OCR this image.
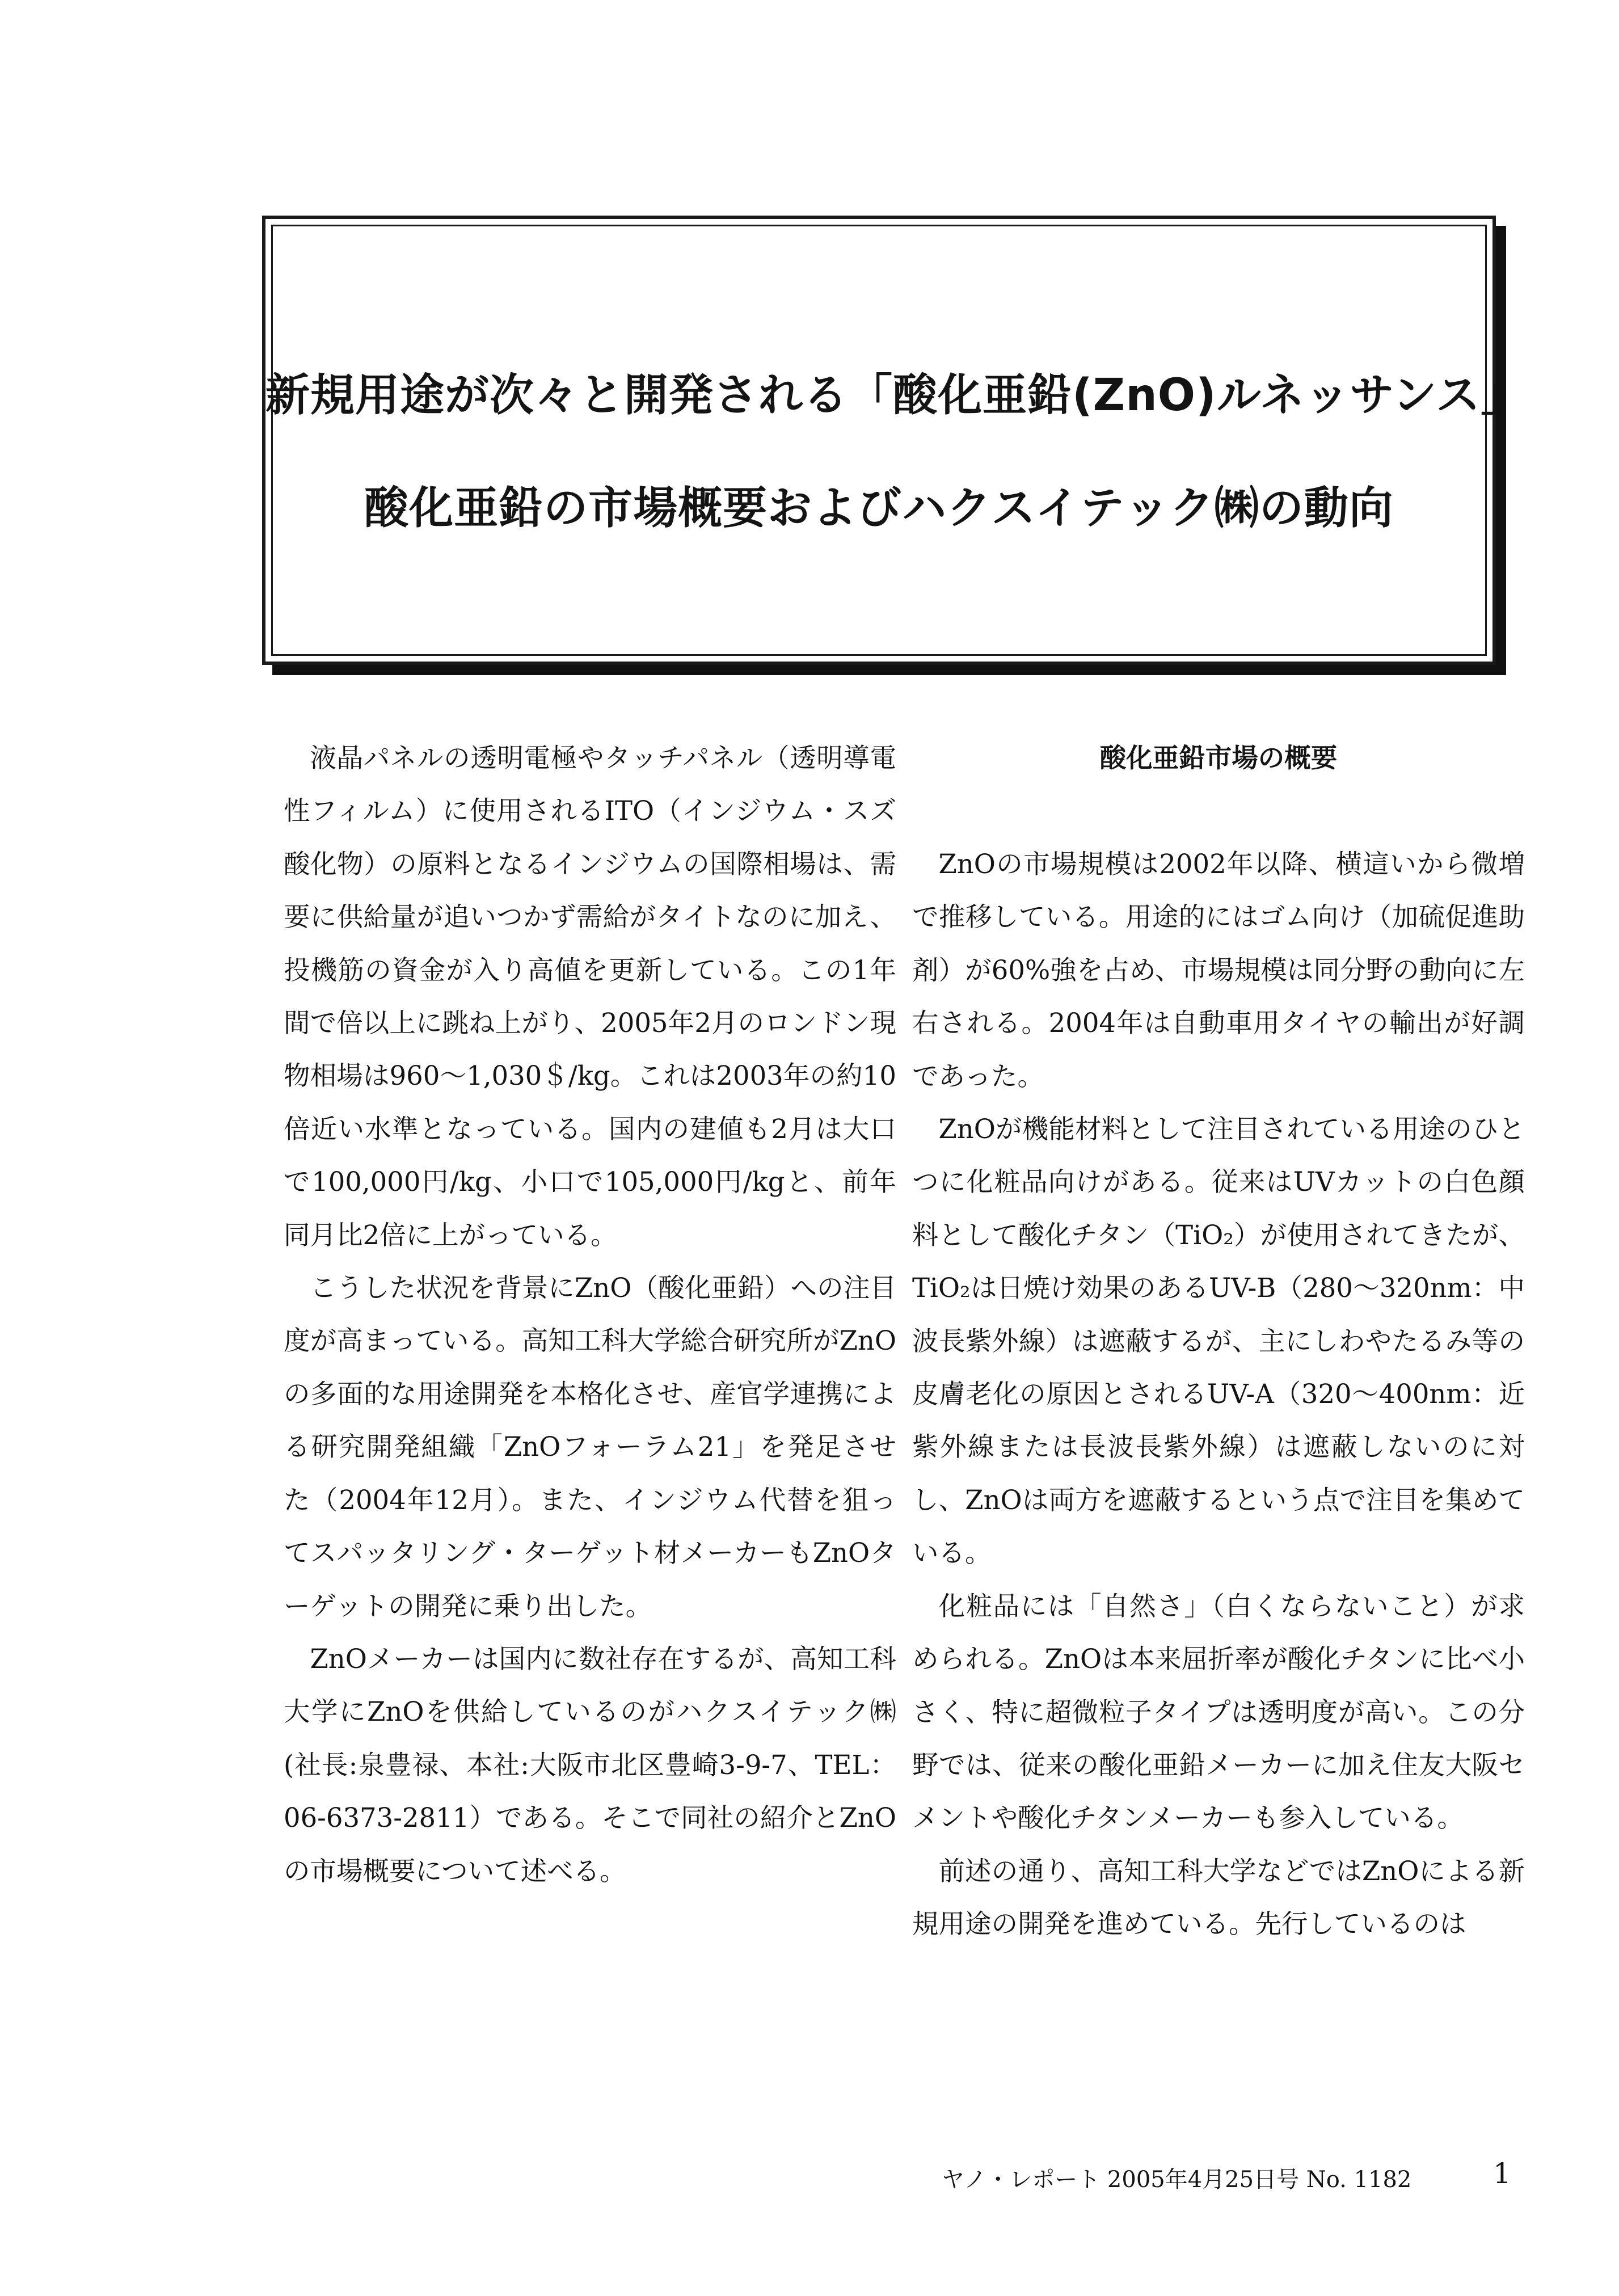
新規用途が次々と開発される「酸化亜鉛(ZnO)ルネッサンス」
酸化亜鉛の市場概要およびハクスイテック㈱の動向

液晶パネルの透明電極やタッチパネル（透明導電性フィルム）に使用されるITO（インジウム・スズ酸化物）の原料となるインジウムの国際相場は、需要に供給量が追いつかず需給がタイトなのに加え、投機筋の資金が入り高値を更新している。この1年間で倍以上に跳ね上がり、2005年2月のロンドン現物相場は960～1,030＄/kg。これは2003年の約10倍近い水準となっている。国内の建値も2月は大口で100,000円/kg、小口で105,000円/kgと、前年同月比2倍に上がっている。

こうした状況を背景にZnO（酸化亜鉛）への注目度が高まっている。高知工科大学総合研究所がZnOの多面的な用途開発を本格化させ、産官学連携による研究開発組織「ZnOフォーラム21」を発足させた（2004年12月）。また、インジウム代替を狙ってスパッタリング・ターゲット材メーカーもZnOターゲットの開発に乗り出した。

ZnOメーカーは国内に数社存在するが、高知工科大学にZnOを供給しているのがハクスイテック㈱(社長:泉豊禄、本社:大阪市北区豊崎3-9-7、TEL：06-6373-2811）である。そこで同社の紹介とZnOの市場概要について述べる。

酸化亜鉛市場の概要

ZnOの市場規模は2002年以降、横這いから微増で推移している。用途的にはゴム向け（加硫促進助剤）が60%強を占め、市場規模は同分野の動向に左右される。2004年は自動車用タイヤの輸出が好調であった。

ZnOが機能材料として注目されている用途のひとつに化粧品向けがある。従来はUVカットの白色顔料として酸化チタン（TiO₂）が使用されてきたが、TiO₂は日焼け効果のあるUV-B（280～320nm：中波長紫外線）は遮蔽するが、主にしわやたるみ等の皮膚老化の原因とされるUV-A（320～400nm：近紫外線または長波長紫外線）は遮蔽しないのに対し、ZnOは両方を遮蔽するという点で注目を集めている。

化粧品には「自然さ」（白くならないこと）が求められる。ZnOは本来屈折率が酸化チタンに比べ小さく、特に超微粒子タイプは透明度が高い。この分野では、従来の酸化亜鉛メーカーに加え住友大阪セメントや酸化チタンメーカーも参入している。

前述の通り、高知工科大学などではZnOによる新規用途の開発を進めている。先行しているのは

ヤノ・レポート 2005年4月25日号 No. 1182	1
